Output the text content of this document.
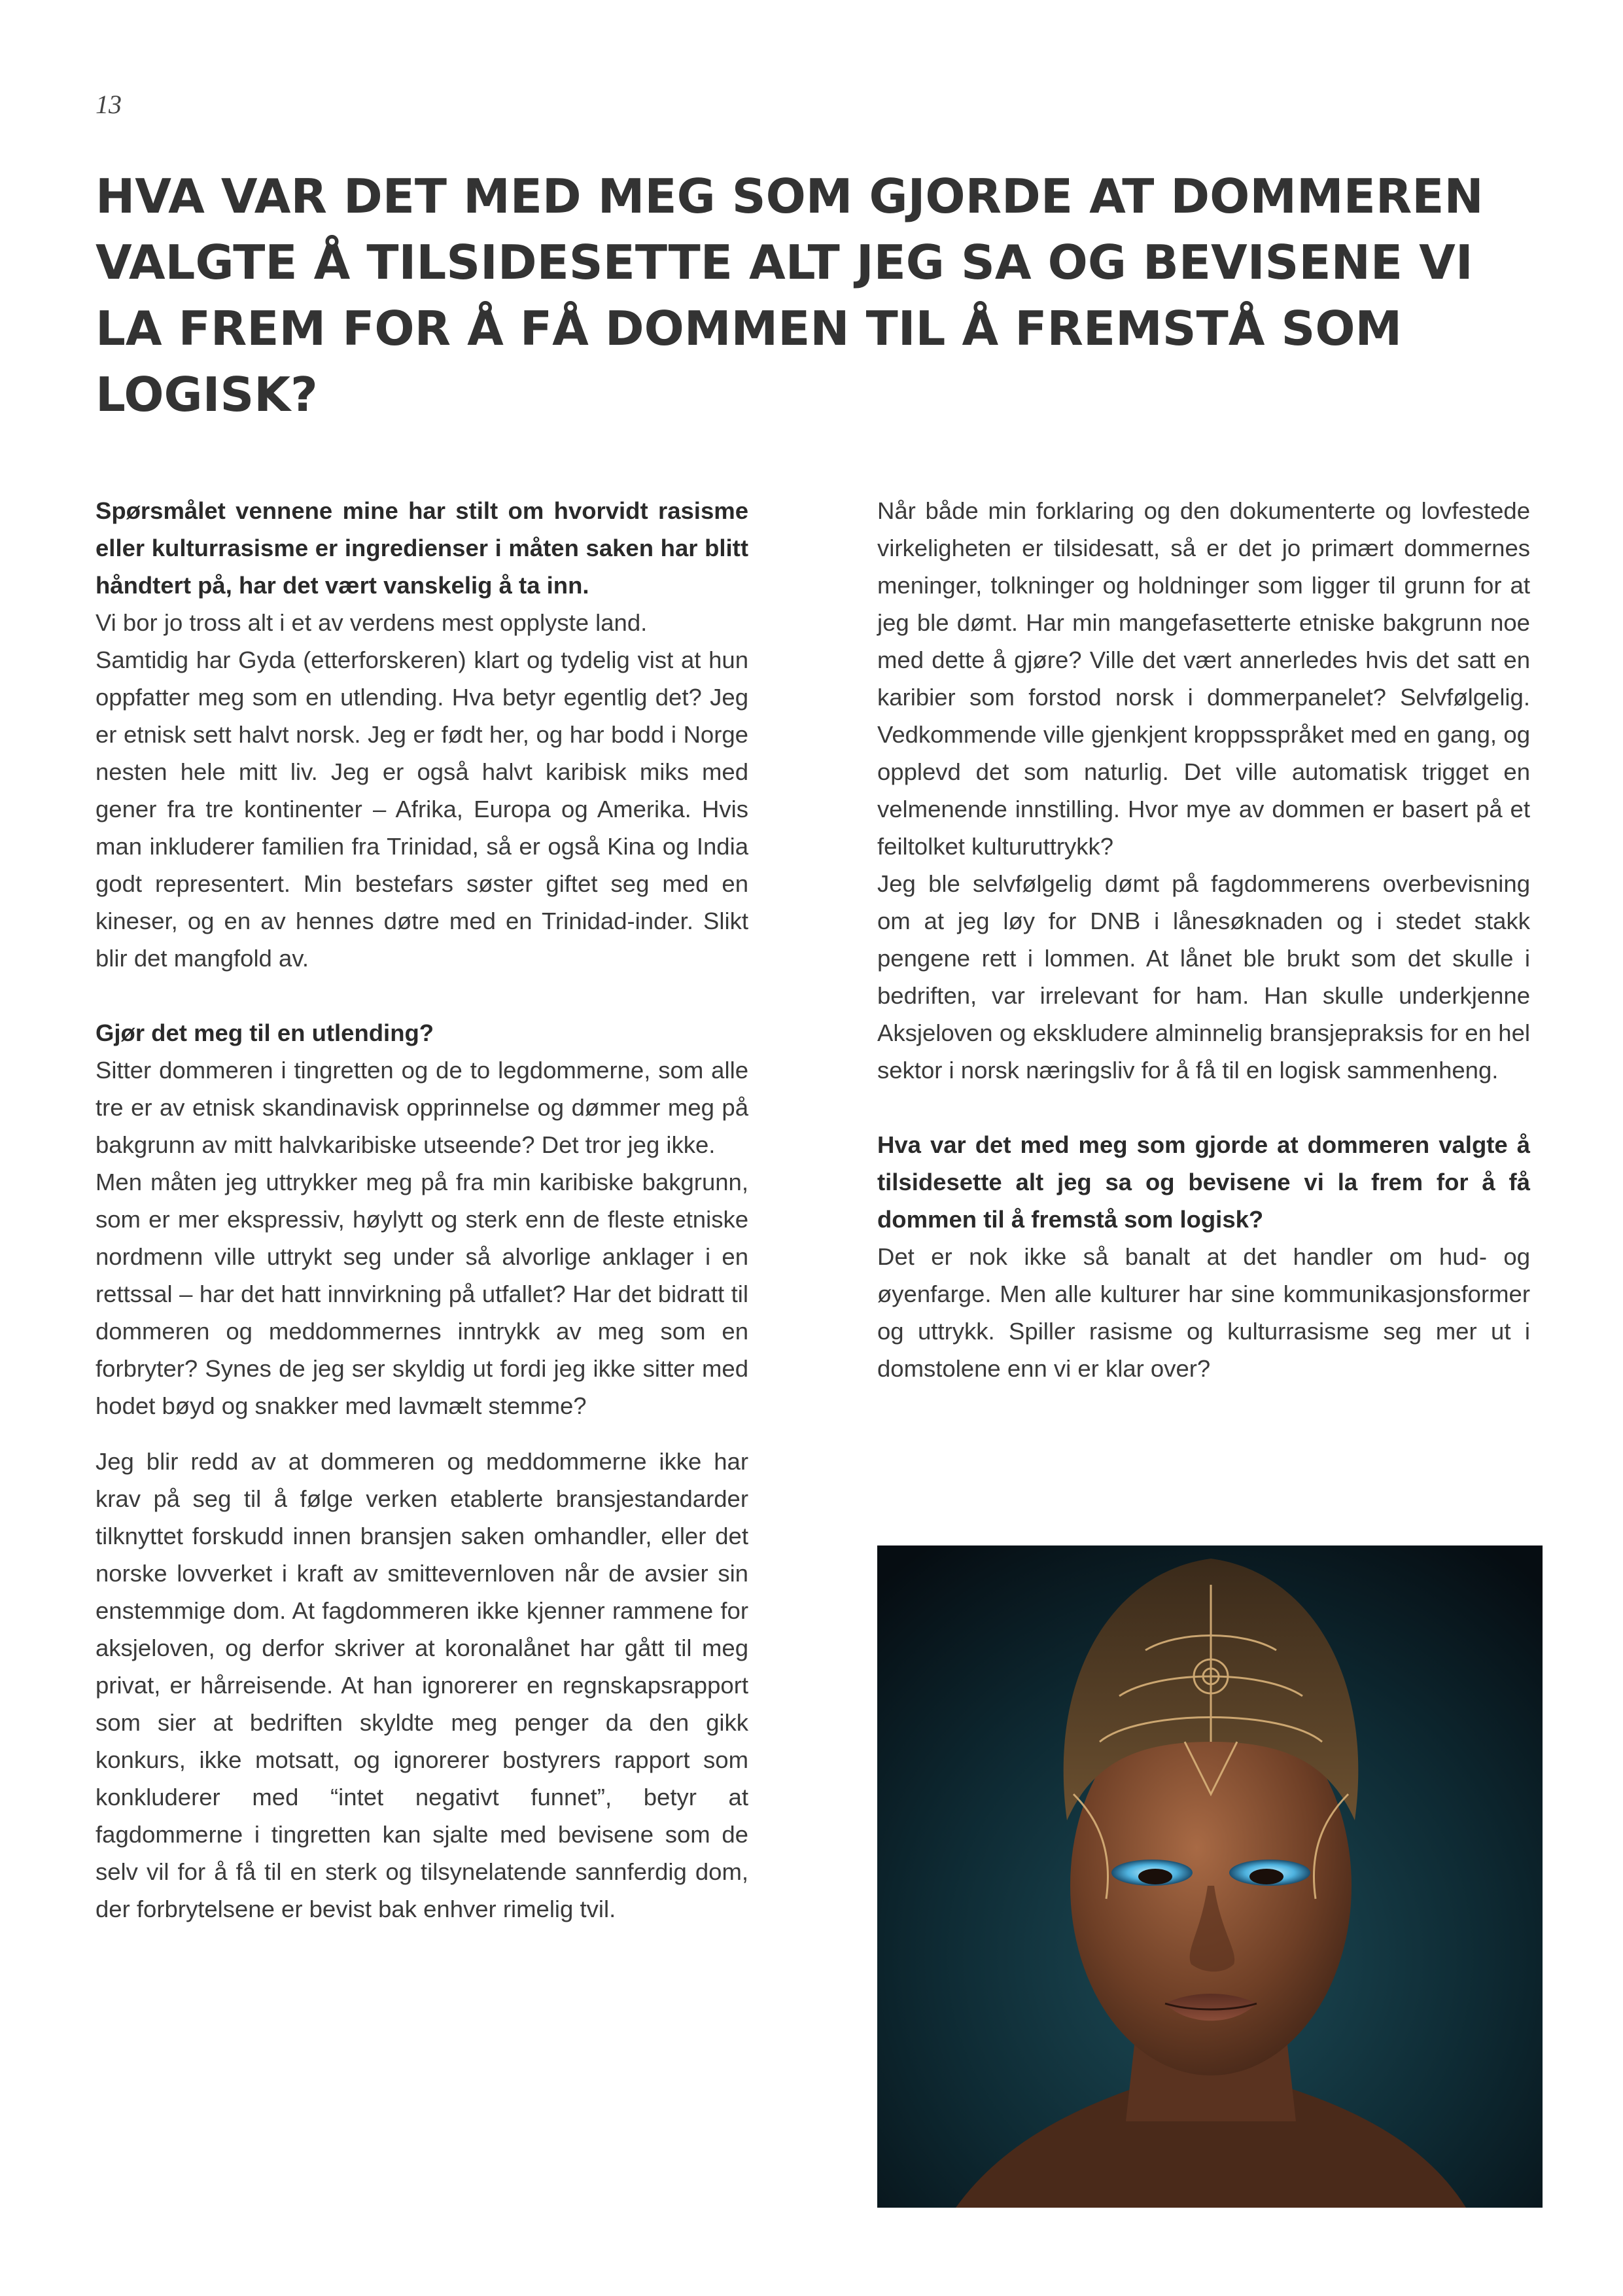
13
HVA VAR DET MED MEG SOM GJORDE AT DOMMEREN VALGTE Å TILSIDESETTE ALT JEG SA OG BEVISENE VI LA FREM FOR Å FÅ DOMMEN TIL Å FREMSTÅ SOM LOGISK?

Spørsmålet vennene mine har stilt om hvorvidt rasisme eller kulturrasisme er ingredienser i måten saken har blitt håndtert på, har det vært vanskelig å ta inn.

Vi bor jo tross alt i et av verdens mest opplyste land.

Samtidig har Gyda (etterforskeren) klart og tydelig vist at hun oppfatter meg som en utlending. Hva betyr egentlig det? Jeg er etnisk sett halvt norsk. Jeg er født her, og har bodd i Norge nesten hele mitt liv. Jeg er også halvt karibisk miks med gener fra tre kontinenter – Afrika, Europa og Amerika. Hvis man inkluderer familien fra Trinidad, så er også Kina og India godt representert. Min bestefars søster giftet seg med en kineser, og en av hennes døtre med en Trinidad-inder. Slikt blir det mangfold av.

Gjør det meg til en utlending?

Sitter dommeren i tingretten og de to legdommerne, som alle tre er av etnisk skandinavisk opprinnelse og dømmer meg på bakgrunn av mitt halvkaribiske utseende? Det tror jeg ikke.

Men måten jeg uttrykker meg på fra min karibiske bakgrunn, som er mer ekspressiv, høylytt og sterk enn de fleste etniske nordmenn ville uttrykt seg under så alvorlige anklager i en rettssal – har det hatt innvirkning på utfallet? Har det bidratt til dommeren og meddommernes inntrykk av meg som en forbryter? Synes de jeg ser skyldig ut fordi jeg ikke sitter med hodet bøyd og snakker med lavmælt stemme?

Jeg blir redd av at dommeren og meddommerne ikke har krav på seg til å følge verken etablerte bransjestandarder tilknyttet forskudd innen bransjen saken omhandler, eller det norske lovverket i kraft av smittevernloven når de avsier sin enstemmige dom. At fagdommeren ikke kjenner rammene for aksjeloven, og derfor skriver at koronalånet har gått til meg privat, er hårreisende. At han ignorerer en regnskapsrapport som sier at bedriften skyldte meg penger da den gikk konkurs, ikke motsatt, og ignorerer bostyrers rapport som konkluderer med “intet negativt funnet”, betyr at fagdommerne i tingretten kan sjalte med bevisene som de selv vil for å få til en sterk og tilsynelatende sannferdig dom, der forbrytelsene er bevist bak enhver rimelig tvil.

Når både min forklaring og den dokumenterte og lovfestede virkeligheten er tilsidesatt, så er det jo primært dommernes meninger, tolkninger og holdninger som ligger til grunn for at jeg ble dømt. Har min mangefasetterte etniske bakgrunn noe med dette å gjøre? Ville det vært annerledes hvis det satt en karibier som forstod norsk i dommerpanelet? Selvfølgelig. Vedkommende ville gjenkjent kroppsspråket med en gang, og opplevd det som naturlig. Det ville automatisk trigget en velmenende innstilling. Hvor mye av dommen er basert på et feiltolket kulturuttrykk?

Jeg ble selvfølgelig dømt på fagdommerens overbevisning om at jeg løy for DNB i lånesøknaden og i stedet stakk pengene rett i lommen. At lånet ble brukt som det skulle i bedriften, var irrelevant for ham. Han skulle underkjenne Aksjeloven og ekskludere alminnelig bransjepraksis for en hel sektor i norsk næringsliv for å få til en logisk sammenheng.

Hva var det med meg som gjorde at dommeren valgte å tilsidesette alt jeg sa og bevisene vi la frem for å få dommen til å fremstå som logisk?

Det er nok ikke så banalt at det handler om hud- og øyenfarge. Men alle kulturer har sine kommunikasjonsformer og uttrykk. Spiller rasisme og kulturrasisme seg mer ut i domstolene enn vi er klar over?
